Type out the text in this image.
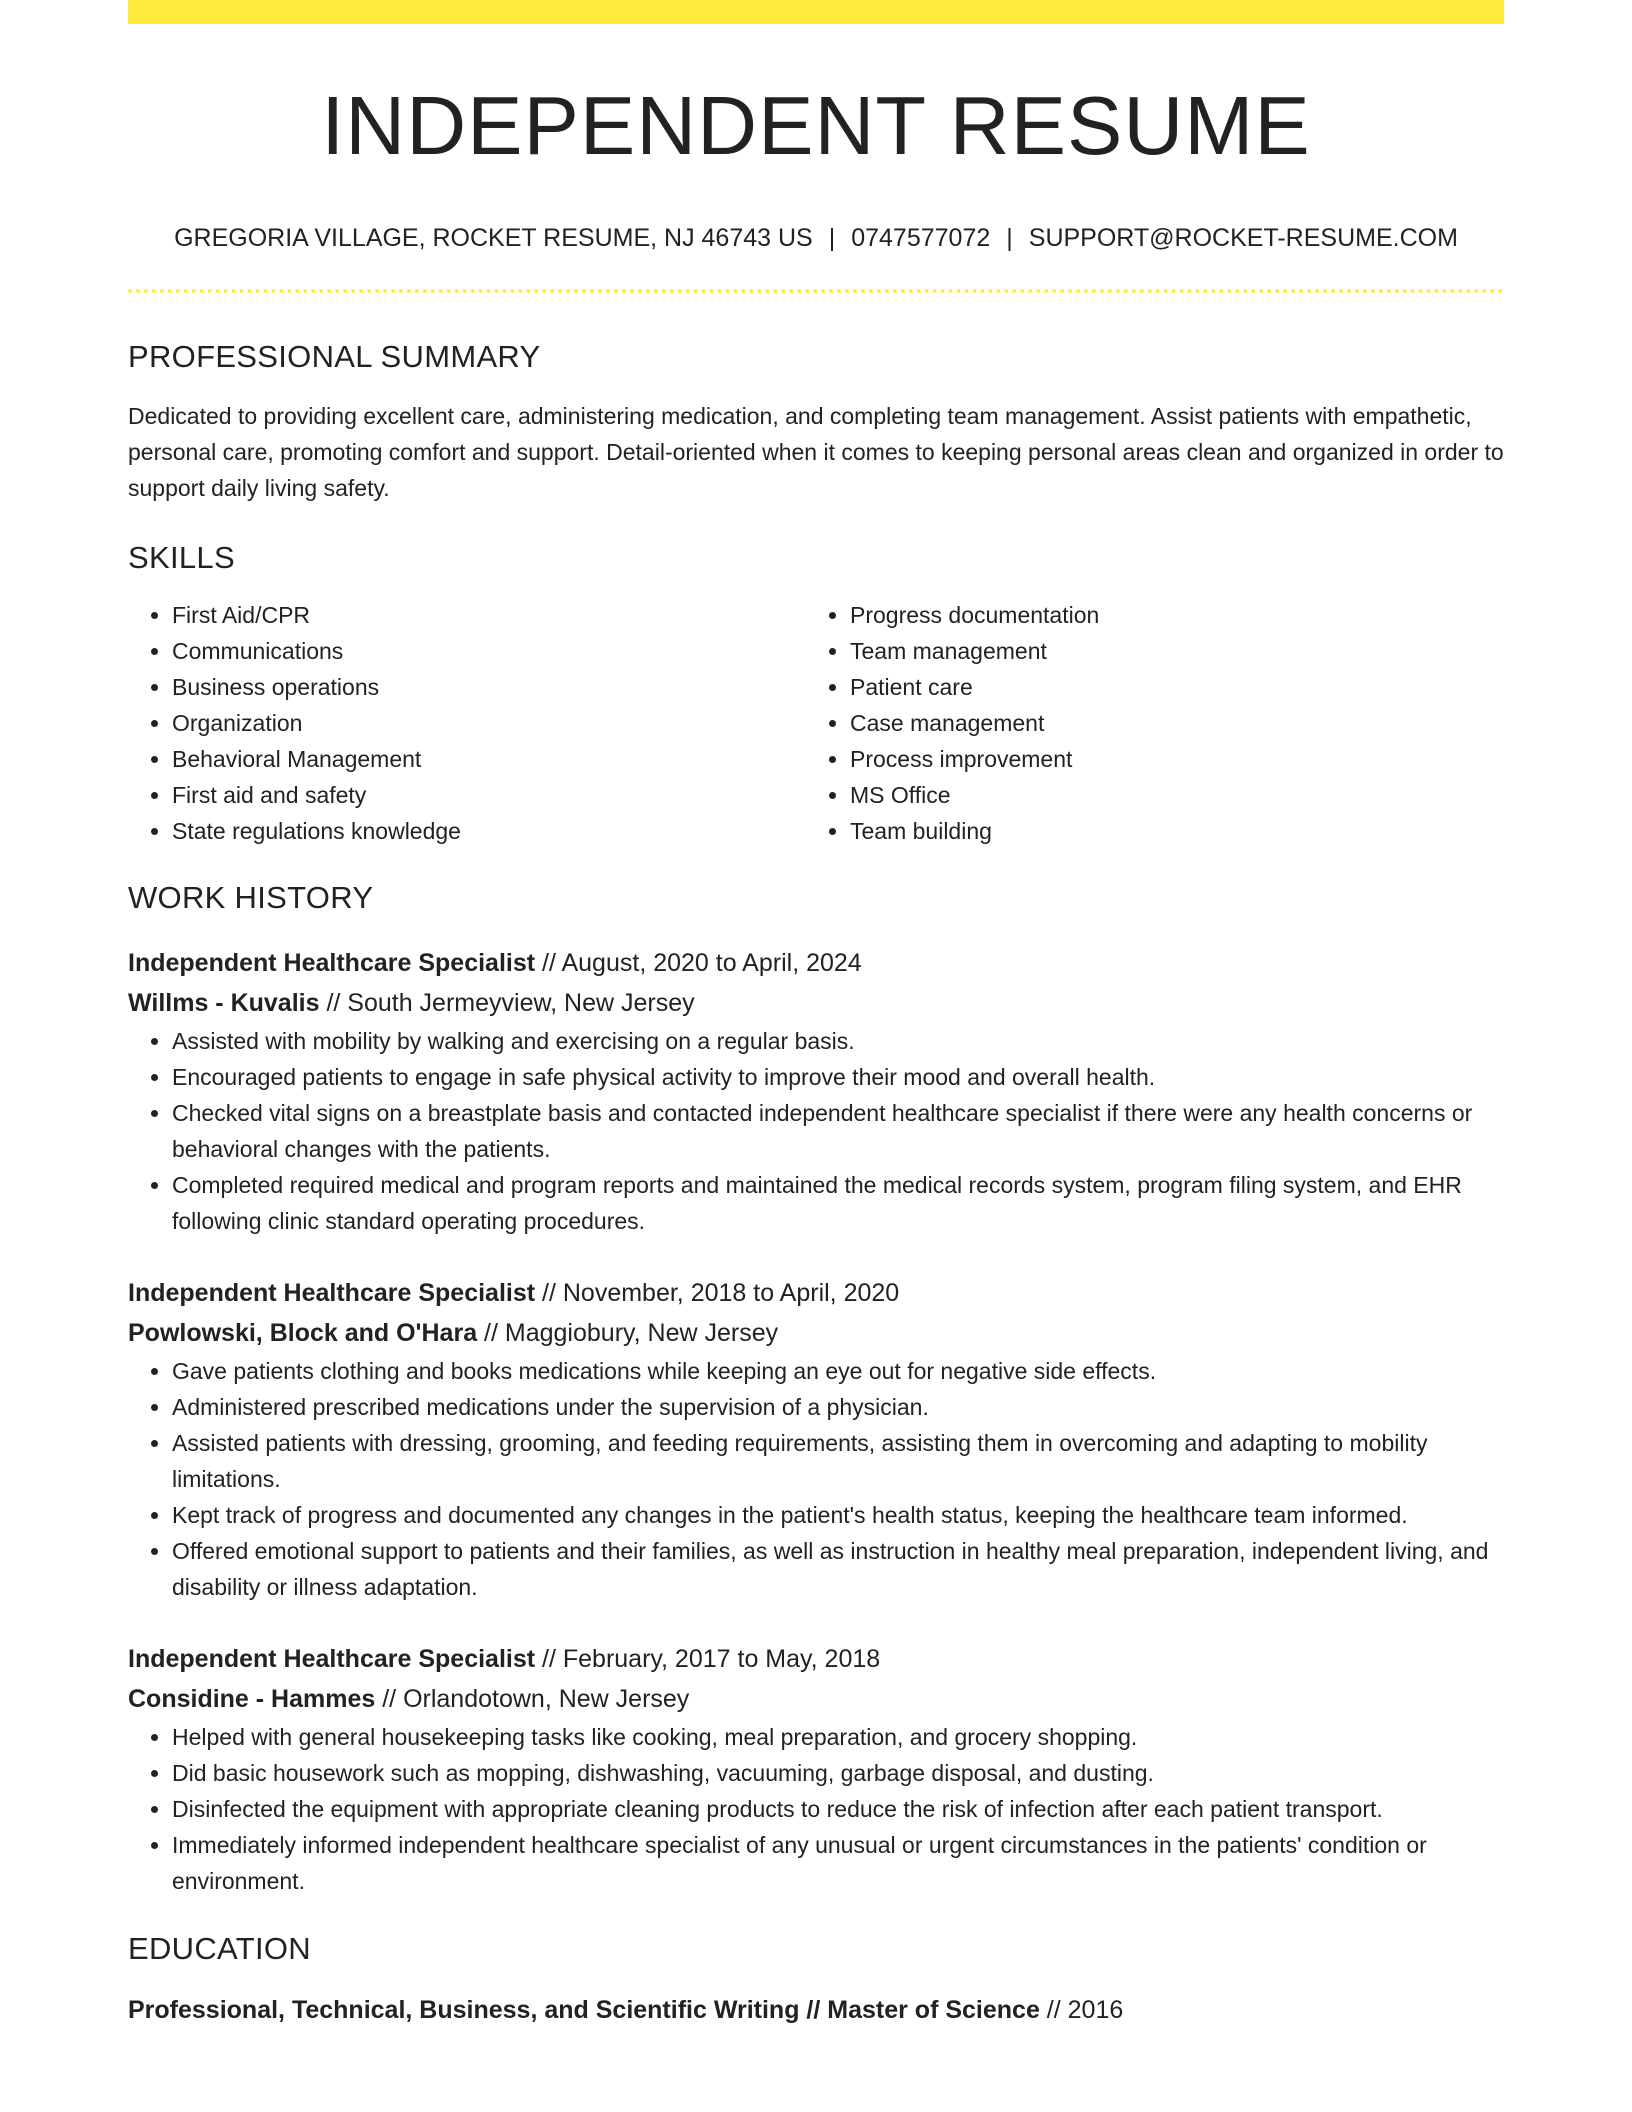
INDEPENDENT RESUME
GREGORIA VILLAGE, ROCKET RESUME, NJ 46743 US | 0747577072 | SUPPORT@ROCKET-RESUME.COM
PROFESSIONAL SUMMARY
Dedicated to providing excellent care, administering medication, and completing team management. Assist patients with empathetic, personal care, promoting comfort and support. Detail-oriented when it comes to keeping personal areas clean and organized in order to support daily living safety.
SKILLS
• First Aid/CPR
• Communications
• Business operations
• Organization
• Behavioral Management
• First aid and safety
• State regulations knowledge
• Progress documentation
• Team management
• Patient care
• Case management
• Process improvement
• MS Office
• Team building
WORK HISTORY
Independent Healthcare Specialist // August, 2020 to April, 2024
Willms - Kuvalis // South Jermeyview, New Jersey
• Assisted with mobility by walking and exercising on a regular basis.
• Encouraged patients to engage in safe physical activity to improve their mood and overall health.
• Checked vital signs on a breastplate basis and contacted independent healthcare specialist if there were any health concerns or behavioral changes with the patients.
• Completed required medical and program reports and maintained the medical records system, program filing system, and EHR following clinic standard operating procedures.
Independent Healthcare Specialist // November, 2018 to April, 2020
Powlowski, Block and O'Hara // Maggiobury, New Jersey
• Gave patients clothing and books medications while keeping an eye out for negative side effects.
• Administered prescribed medications under the supervision of a physician.
• Assisted patients with dressing, grooming, and feeding requirements, assisting them in overcoming and adapting to mobility limitations.
• Kept track of progress and documented any changes in the patient's health status, keeping the healthcare team informed.
• Offered emotional support to patients and their families, as well as instruction in healthy meal preparation, independent living, and disability or illness adaptation.
Independent Healthcare Specialist // February, 2017 to May, 2018
Considine - Hammes // Orlandotown, New Jersey
• Helped with general housekeeping tasks like cooking, meal preparation, and grocery shopping.
• Did basic housework such as mopping, dishwashing, vacuuming, garbage disposal, and dusting.
• Disinfected the equipment with appropriate cleaning products to reduce the risk of infection after each patient transport.
• Immediately informed independent healthcare specialist of any unusual or urgent circumstances in the patients' condition or environment.
EDUCATION
Professional, Technical, Business, and Scientific Writing // Master of Science // 2016
